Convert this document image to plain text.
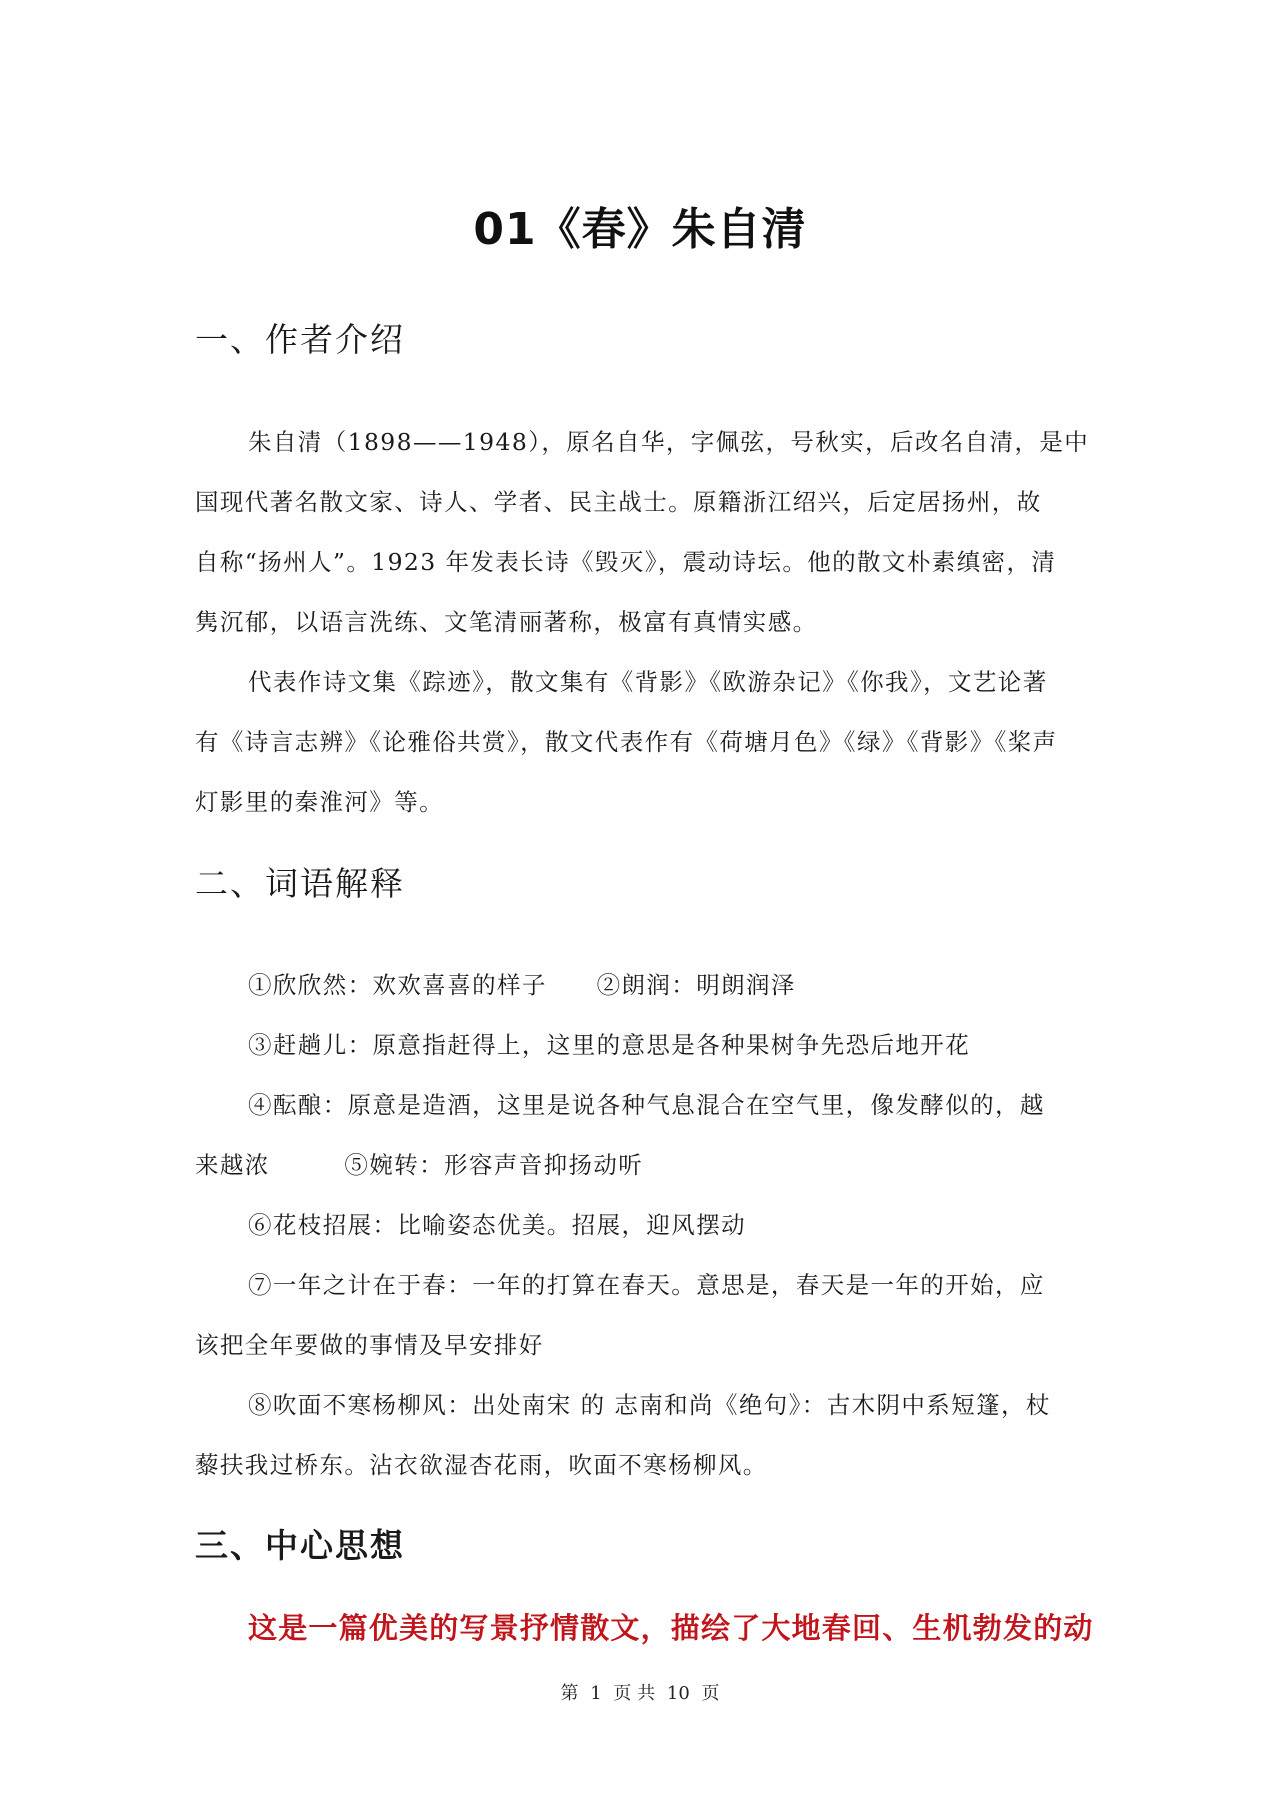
01《春》朱自清
一、作者介绍
朱自清（1898——1948），原名自华，字佩弦，号秋实，后改名自清，是中
国现代著名散文家、诗人、学者、民主战士。原籍浙江绍兴，后定居扬州，故
自称“扬州人”。1923 年发表长诗《毁灭》，震动诗坛。他的散文朴素缜密，清
隽沉郁，以语言洗练、文笔清丽著称，极富有真情实感。
代表作诗文集《踪迹》，散文集有《背影》《欧游杂记》《你我》，文艺论著
有《诗言志辨》《论雅俗共赏》，散文代表作有《荷塘月色》《绿》《背影》《桨声
灯影里的秦淮河》等。
二、词语解释
①欣欣然：欢欢喜喜的样子　　②朗润：明朗润泽
③赶趟儿：原意指赶得上，这里的意思是各种果树争先恐后地开花
④酝酿：原意是造酒，这里是说各种气息混合在空气里，像发酵似的，越
来越浓　　　⑤婉转：形容声音抑扬动听
⑥花枝招展：比喻姿态优美。招展，迎风摆动
⑦一年之计在于春：一年的打算在春天。意思是，春天是一年的开始，应
该把全年要做的事情及早安排好
⑧吹面不寒杨柳风：出处南宋 的 志南和尚《绝句》：古木阴中系短篷，杖
藜扶我过桥东。沾衣欲湿杏花雨，吹面不寒杨柳风。
三、中心思想
这是一篇优美的写景抒情散文，描绘了大地春回、生机勃发的动
第 1 页 共 10 页
